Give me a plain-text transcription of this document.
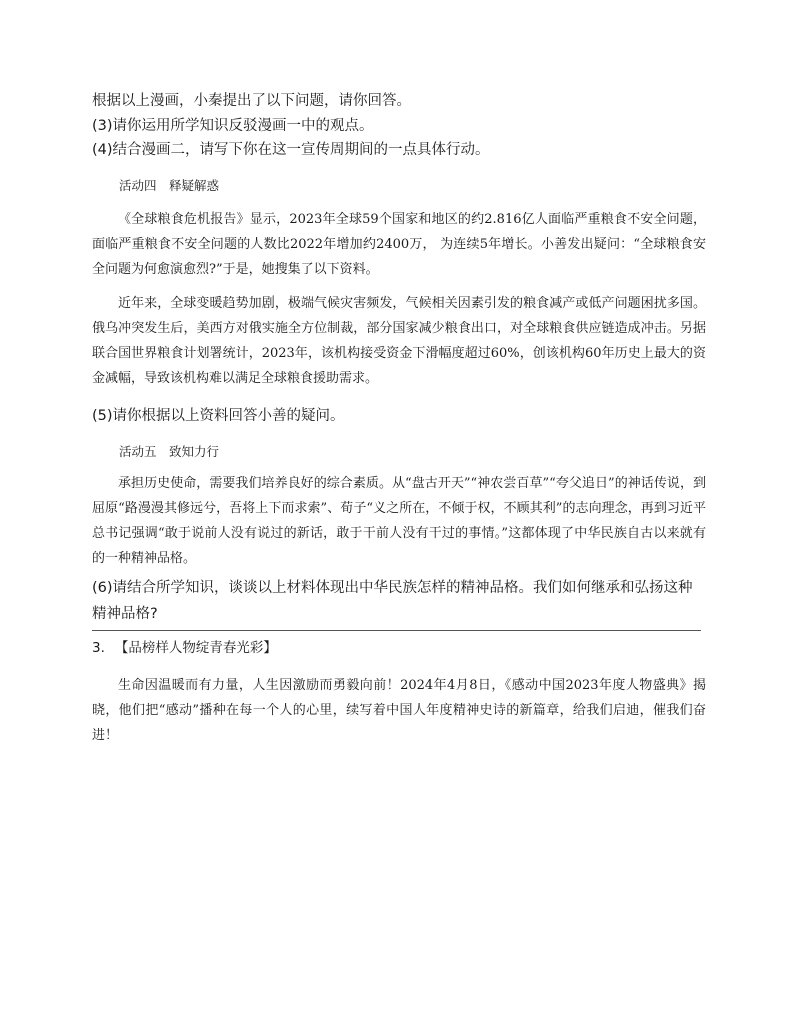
根据以上漫画，小秦提出了以下问题，请你回答。

(3)请你运用所学知识反驳漫画一中的观点。

(4)结合漫画二，请写下你在这一宣传周期间的一点具体行动。

活动四　释疑解惑

《全球粮食危机报告》显示，2023年全球59个国家和地区的约2.816亿人面临严重粮食不安全问题，面临严重粮食不安全问题的人数比2022年增加约2400万， 为连续5年增长。小善发出疑问：“全球粮食安全问题为何愈演愈烈?”于是，她搜集了以下资料。

近年来，全球变暖趋势加剧，极端气候灾害频发，气候相关因素引发的粮食减产或低产问题困扰多国。俄乌冲突发生后，美西方对俄实施全方位制裁，部分国家减少粮食出口，对全球粮食供应链造成冲击。另据联合国世界粮食计划署统计，2023年，该机构接受资金下滑幅度超过60%，创该机构60年历史上最大的资金减幅，导致该机构难以满足全球粮食援助需求。

(5)请你根据以上资料回答小善的疑问。

活动五　致知力行

承担历史使命，需要我们培养良好的综合素质。从“盘古开天”“神农尝百草”“夸父追日”的神话传说，到屈原“路漫漫其修远兮，吾将上下而求索”、荀子“义之所在，不倾于权，不顾其利”的志向理念，再到习近平总书记强调“敢于说前人没有说过的新话，敢于干前人没有干过的事情。”这都体现了中华民族自古以来就有的一种精神品格。

(6)请结合所学知识，谈谈以上材料体现出中华民族怎样的精神品格。我们如何继承和弘扬这种精神品格?

3. 【品榜样人物绽青春光彩】

生命因温暖而有力量，人生因激励而勇毅向前！2024年4月8日，《感动中国2023年度人物盛典》揭晓，他们把“感动”播种在每一个人的心里，续写着中国人年度精神史诗的新篇章，给我们启迪，催我们奋进！
